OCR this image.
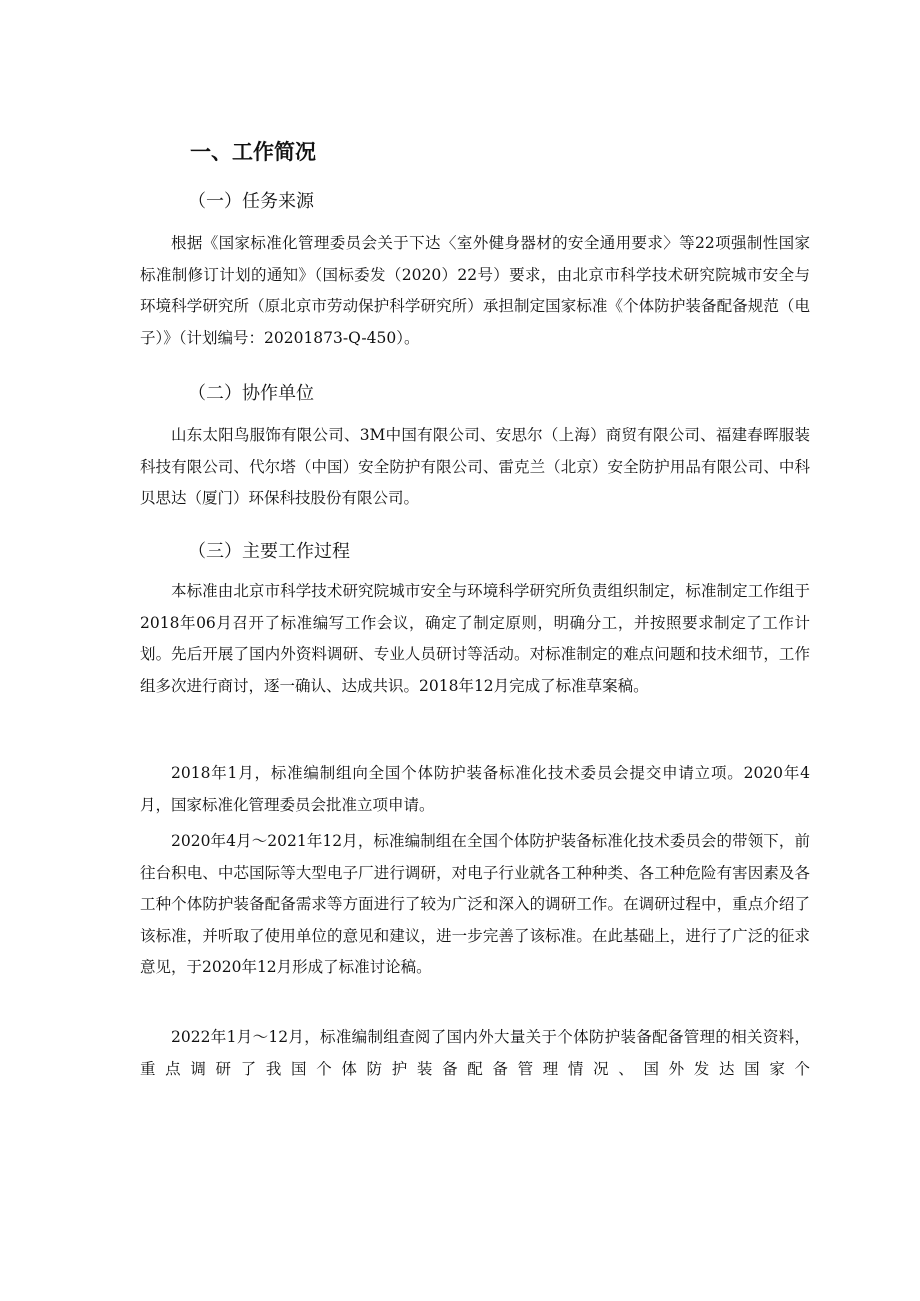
一、工作简况
（一）任务来源

根据《国家标准化管理委员会关于下达〈室外健身器材的安全通用要求〉等22项强制性国家标准制修订计划的通知》（国标委发（2020）22号）要求，由北京市科学技术研究院城市安全与环境科学研究所（原北京市劳动保护科学研究所）承担制定国家标准《个体防护装备配备规范（电子）》（计划编号：20201873-Q-450）。

（二）协作单位

山东太阳鸟服饰有限公司、3M中国有限公司、安思尔（上海）商贸有限公司、福建春晖服装科技有限公司、代尔塔（中国）安全防护有限公司、雷克兰（北京）安全防护用品有限公司、中科贝思达（厦门）环保科技股份有限公司。

（三）主要工作过程

本标准由北京市科学技术研究院城市安全与环境科学研究所负责组织制定，标准制定工作组于2018年06月召开了标准编写工作会议，确定了制定原则，明确分工，并按照要求制定了工作计划。先后开展了国内外资料调研、专业人员研讨等活动。对标准制定的难点问题和技术细节，工作组多次进行商讨，逐一确认、达成共识。2018年12月完成了标准草案稿。

2018年1月，标准编制组向全国个体防护装备标准化技术委员会提交申请立项。2020年4月，国家标准化管理委员会批准立项申请。

2020年4月～2021年12月，标准编制组在全国个体防护装备标准化技术委员会的带领下，前往台积电、中芯国际等大型电子厂进行调研，对电子行业就各工种种类、各工种危险有害因素及各工种个体防护装备配备需求等方面进行了较为广泛和深入的调研工作。在调研过程中，重点介绍了该标准，并听取了使用单位的意见和建议，进一步完善了该标准。在此基础上，进行了广泛的征求意见，于2020年12月形成了标准讨论稿。

2022年1月～12月，标准编制组查阅了国内外大量关于个体防护装备配备管理的相关资料，重点调研了我国个体防护装备配备管理情况、国外发达国家个
